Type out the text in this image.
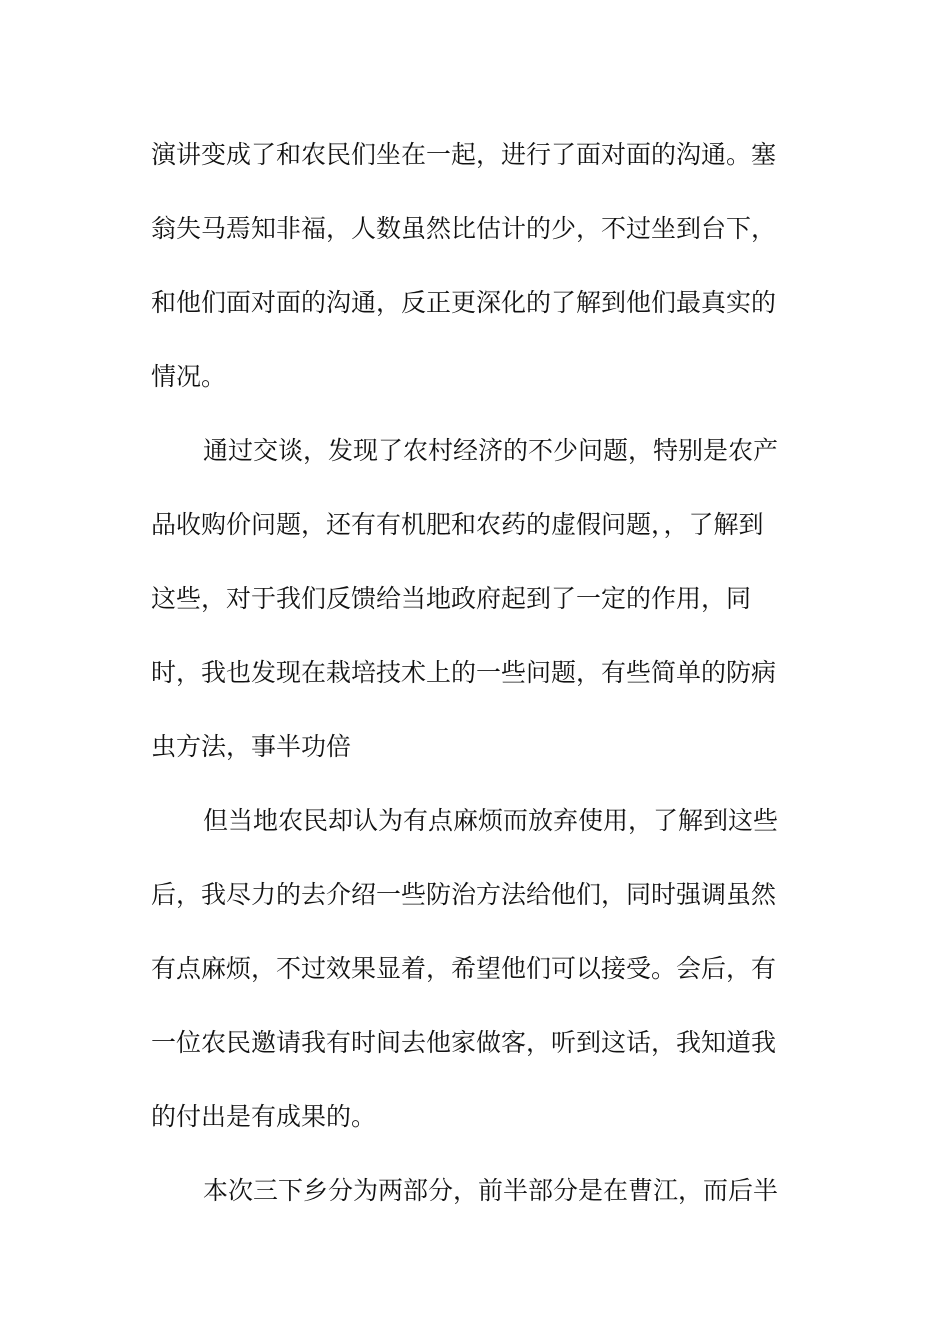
演讲变成了和农民们坐在一起，进行了面对面的沟通。塞
翁失马焉知非福，人数虽然比估计的少，不过坐到台下，
和他们面对面的沟通，反正更深化的了解到他们最真实的
情况。
通过交谈，发现了农村经济的不少问题，特别是农产
品收购价问题，还有有机肥和农药的虚假问题，，了解到
这些，对于我们反馈给当地政府起到了一定的作用，同
时，我也发现在栽培技术上的一些问题，有些简单的防病
虫方法，事半功倍
但当地农民却认为有点麻烦而放弃使用，了解到这些
后，我尽力的去介绍一些防治方法给他们，同时强调虽然
有点麻烦，不过效果显着，希望他们可以接受。会后，有
一位农民邀请我有时间去他家做客，听到这话，我知道我
的付出是有成果的。
本次三下乡分为两部分，前半部分是在曹江，而后半
